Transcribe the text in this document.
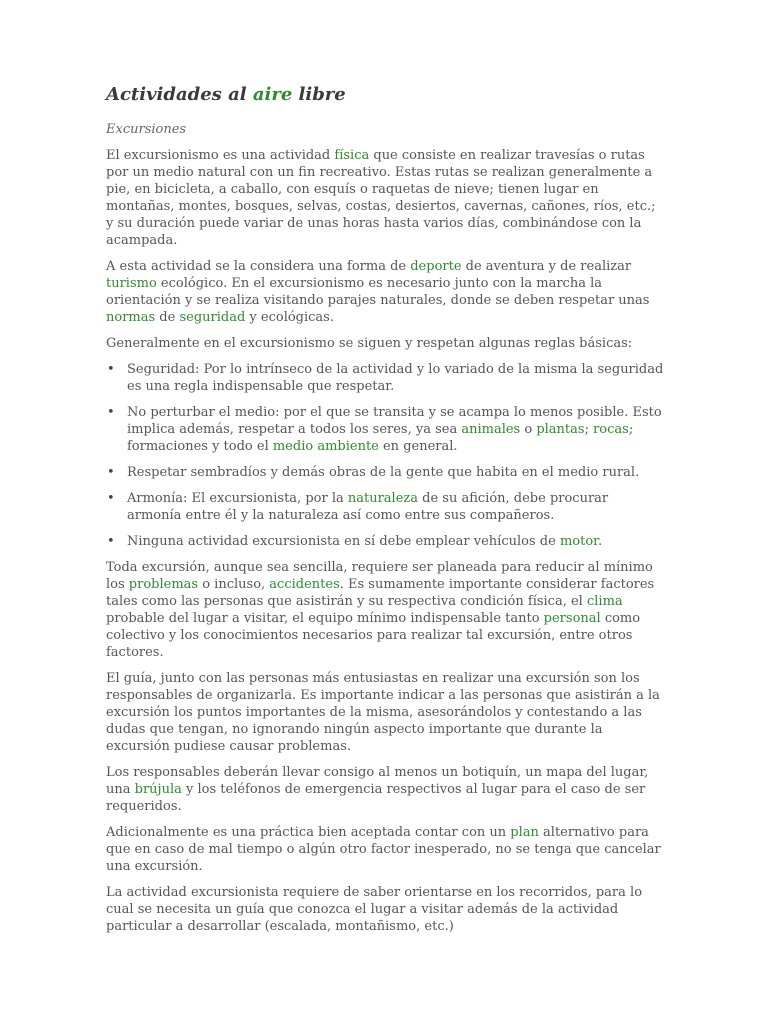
Actividades al aire libre
Excursiones

El excursionismo es una actividad física que consiste en realizar travesías o rutas por un medio natural con un fin recreativo. Estas rutas se realizan generalmente a pie, en bicicleta, a caballo, con esquís o raquetas de nieve; tienen lugar en montañas, montes, bosques, selvas, costas, desiertos, cavernas, cañones, ríos, etc.; y su duración puede variar de unas horas hasta varios días, combinándose con la acampada.

A esta actividad se la considera una forma de deporte de aventura y de realizar turismo ecológico. En el excursionismo es necesario junto con la marcha la orientación y se realiza visitando parajes naturales, donde se deben respetar unas normas de seguridad y ecológicas.

Generalmente en el excursionismo se siguen y respetan algunas reglas básicas:

• Seguridad: Por lo intrínseco de la actividad y lo variado de la misma la seguridad es una regla indispensable que respetar.
• No perturbar el medio: por el que se transita y se acampa lo menos posible. Esto implica además, respetar a todos los seres, ya sea animales o plantas; rocas; formaciones y todo el medio ambiente en general.
• Respetar sembradíos y demás obras de la gente que habita en el medio rural.
• Armonía: El excursionista, por la naturaleza de su afición, debe procurar armonía entre él y la naturaleza así como entre sus compañeros.
• Ninguna actividad excursionista en sí debe emplear vehículos de motor.

Toda excursión, aunque sea sencilla, requiere ser planeada para reducir al mínimo los problemas o incluso, accidentes. Es sumamente importante considerar factores tales como las personas que asistirán y su respectiva condición física, el clima probable del lugar a visitar, el equipo mínimo indispensable tanto personal como colectivo y los conocimientos necesarios para realizar tal excursión, entre otros factores.

El guía, junto con las personas más entusiastas en realizar una excursión son los responsables de organizarla. Es importante indicar a las personas que asistirán a la excursión los puntos importantes de la misma, asesorándolos y contestando a las dudas que tengan, no ignorando ningún aspecto importante que durante la excursión pudiese causar problemas.

Los responsables deberán llevar consigo al menos un botiquín, un mapa del lugar, una brújula y los teléfonos de emergencia respectivos al lugar para el caso de ser requeridos.

Adicionalmente es una práctica bien aceptada contar con un plan alternativo para que en caso de mal tiempo o algún otro factor inesperado, no se tenga que cancelar una excursión.

La actividad excursionista requiere de saber orientarse en los recorridos, para lo cual se necesita un guía que conozca el lugar a visitar además de la actividad particular a desarrollar (escalada, montañismo, etc.)
